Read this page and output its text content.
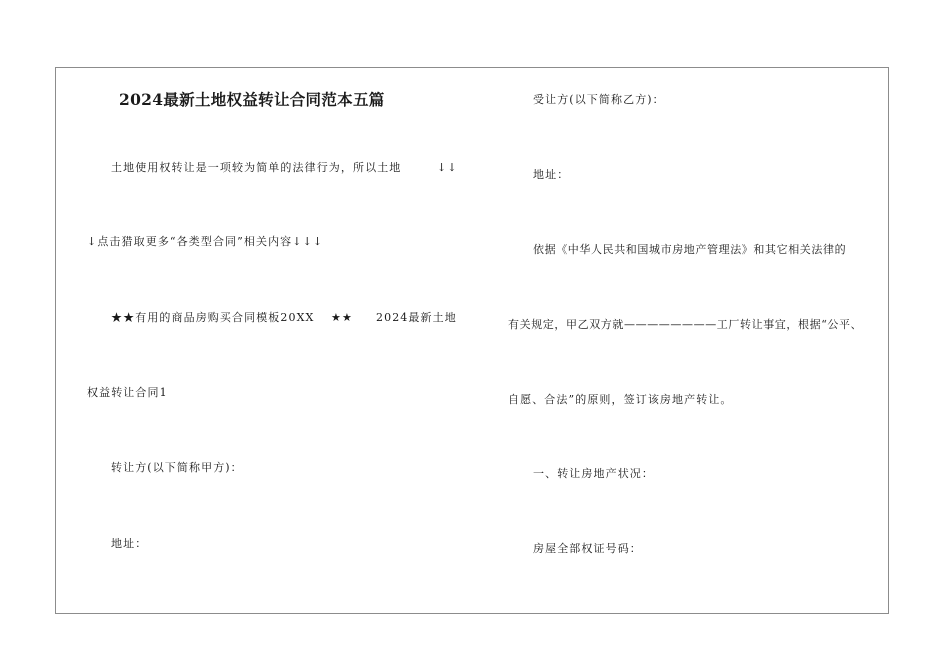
2024最新土地权益转让合同范本五篇
土地使用权转让是一项较为简单的法律行为，所以土地	↓↓
↓点击猎取更多“各类型合同”相关内容↓↓↓
★★有用的商品房购买合同模板20XX ★★ 2024最新土地
权益转让合同1
转让方(以下简称甲方)：
地址：
受让方(以下简称乙方)：
地址：
依据《中华人民共和国城市房地产管理法》和其它相关法律的
有关规定，甲乙双方就————————工厂转让事宜，根据“公平、
自愿、合法”的原则，签订该房地产转让。
一、转让房地产状况：
房屋全部权证号码：
